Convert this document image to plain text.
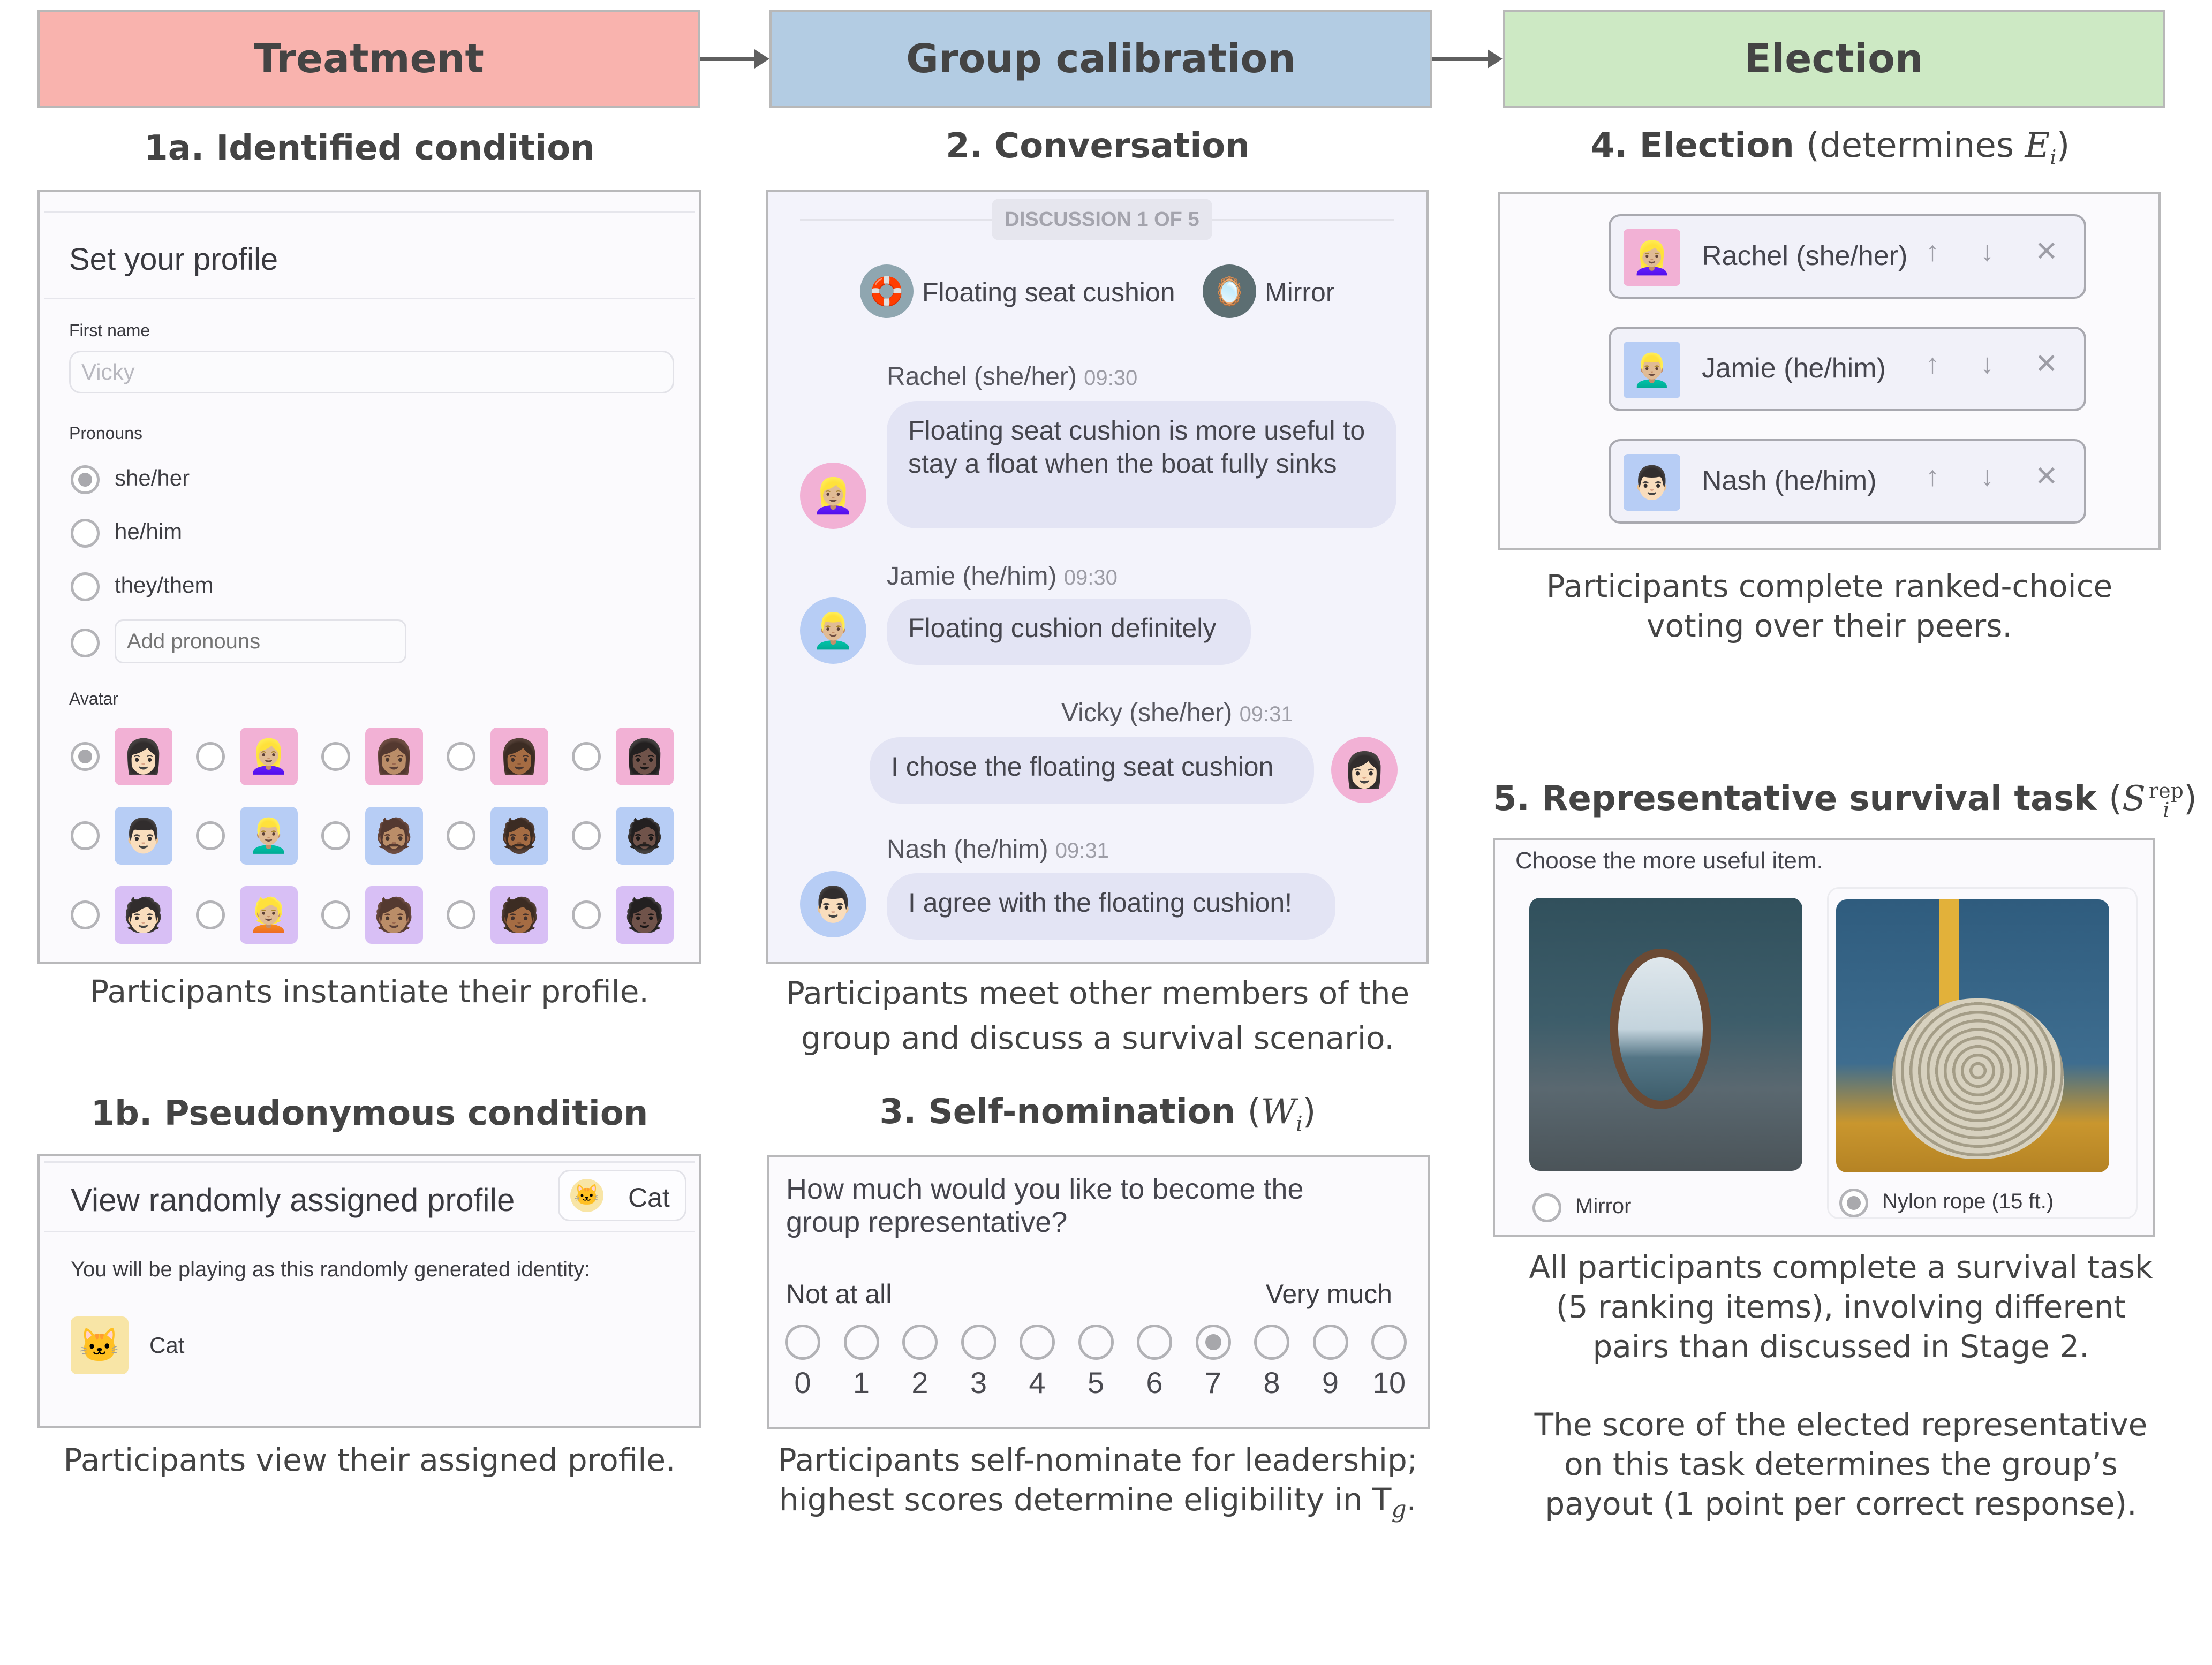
Treatment	Group calibration	Election
1a. Identified condition
Set your profile
First name
Vicky
Pronouns
she/her
he/him
they/them
Add pronouns
Avatar
👩🏻	👱🏼‍♀️	👩🏽	👩🏾	👩🏿
👨🏻	👱🏼‍♂️	🧔🏽	🧔🏾	🧔🏿
🧑🏻	👱🏼	🧑🏽	🧑🏾	🧑🏿
Participants instantiate their profile.
1b. Pseudonymous condition
View randomly assigned profile	🐱 Cat
You will be playing as this randomly generated identity:
🐱	Cat
Participants view their assigned profile.
2. Conversation
DISCUSSION 1 OF 5
🛟 Floating seat cushion 🪞 Mirror
Rachel (she/her) 09:30
Floating seat cushion is more useful to stay a float when the boat fully sinks
👱🏼‍♀️
Jamie (he/him) 09:30
Floating cushion definitely
👱🏼‍♂️
Vicky (she/her) 09:31
I chose the floating seat cushion	👩🏻
Nash (he/him) 09:31
I agree with the floating cushion!
👨🏻
Participants meet other members of the
group and discuss a survival scenario.
3. Self-nomination $(W_i)$
How much would you like to become the group representative?
Not at all	Very much
0	1	2	3	4	5	6	7	8	9	10
Participants self-nominate for leadership;
highest scores determine eligibility in $T_g$.
4. Election (determines $E_i$)
👱🏼‍♀️	Rachel (she/her) ↑ ↓ ✕
👱🏼‍♂️	Jamie (he/him) ↑ ↓ ✕
👨🏻	Nash (he/him) ↑ ↓ ✕
Participants complete ranked-choice
voting over their peers.
5. Representative survival task (S rep
i )
Choose the more useful item.
Mirror	Nylon rope (15 ft.)
All participants complete a survival task
(5 ranking items), involving different
pairs than discussed in Stage 2.
The score of the elected representative
on this task determines the group’s
payout (1 point per correct response).
